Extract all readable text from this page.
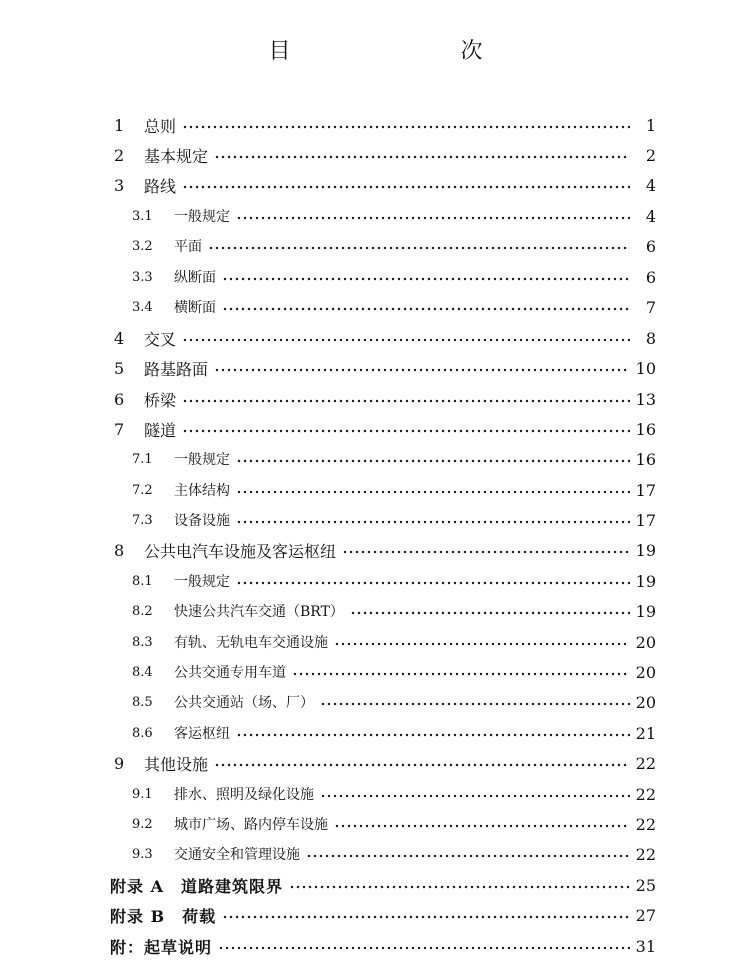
目　　次
1	总则	1
2	基本规定	2
3	路线	4
3.1	一般规定	4
3.2	平面	6
3.3	纵断面	6
3.4	横断面	7
4	交叉	8
5	路基路面	10
6	桥梁	13
7	隧道	16
7.1	一般规定	16
7.2	主体结构	17
7.3	设备设施	17
8	公共电汽车设施及客运枢纽	19
8.1	一般规定	19
8.2	快速公共汽车交通（BRT）	19
8.3	有轨、无轨电车交通设施	20
8.4	公共交通专用车道	20
8.5	公共交通站（场、厂）	20
8.6	客运枢纽	21
9	其他设施	22
9.1	排水、照明及绿化设施	22
9.2	城市广场、路内停车设施	22
9.3	交通安全和管理设施	22
附录 A　道路建筑限界	25
附录 B　荷载	27
附：起草说明	31
